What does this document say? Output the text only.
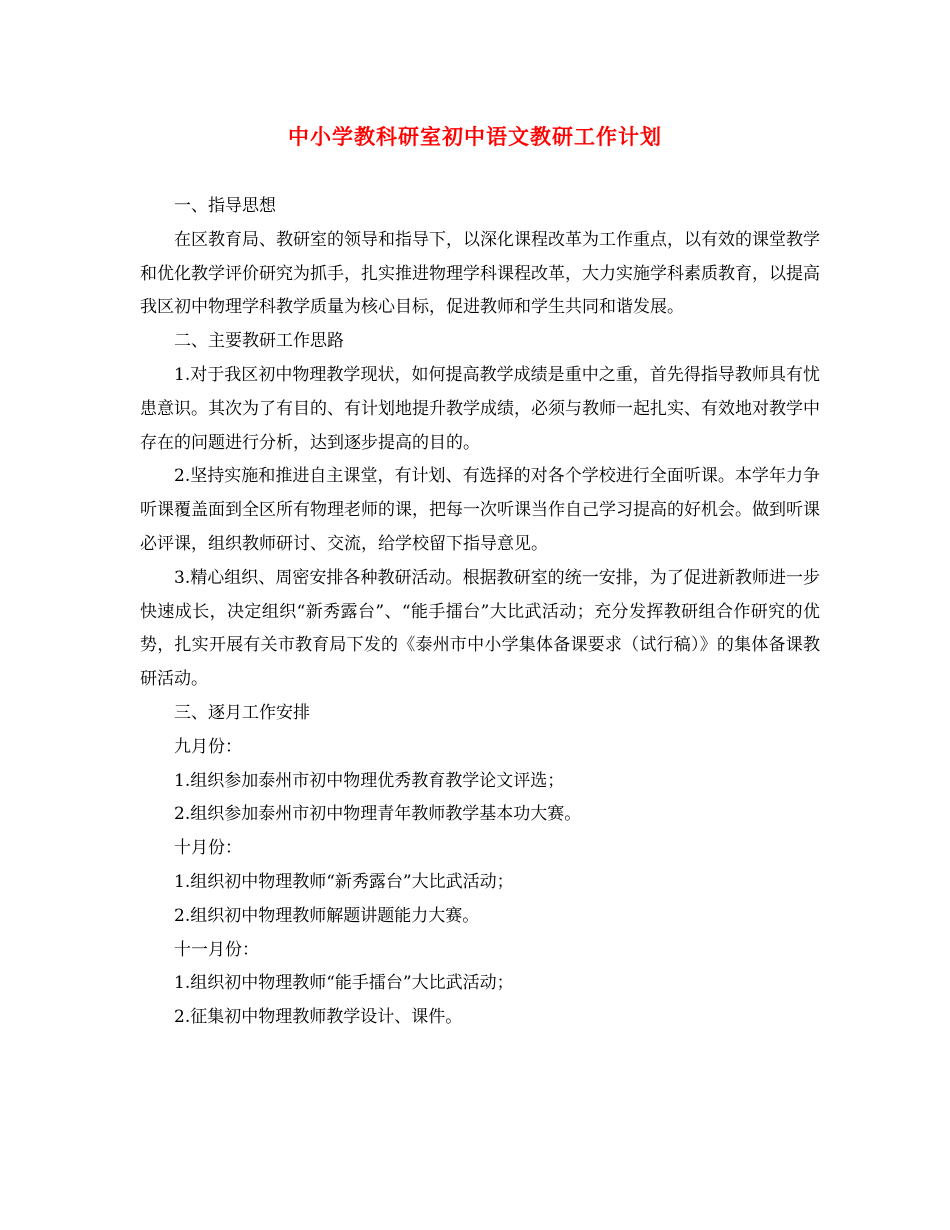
中小学教科研室初中语文教研工作计划

一、指导思想

在区教育局、教研室的领导和指导下，以深化课程改革为工作重点，以有效的课堂教学和优化教学评价研究为抓手，扎实推进物理学科课程改革，大力实施学科素质教育，以提高我区初中物理学科教学质量为核心目标，促进教师和学生共同和谐发展。

二、主要教研工作思路

1.对于我区初中物理教学现状，如何提高教学成绩是重中之重，首先得指导教师具有忧患意识。其次为了有目的、有计划地提升教学成绩，必须与教师一起扎实、有效地对教学中存在的问题进行分析，达到逐步提高的目的。

2.坚持实施和推进自主课堂，有计划、有选择的对各个学校进行全面听课。本学年力争听课覆盖面到全区所有物理老师的课，把每一次听课当作自己学习提高的好机会。做到听课必评课，组织教师研讨、交流，给学校留下指导意见。

3.精心组织、周密安排各种教研活动。根据教研室的统一安排，为了促进新教师进一步快速成长，决定组织“新秀露台”、“能手擂台”大比武活动；充分发挥教研组合作研究的优势，扎实开展有关市教育局下发的《泰州市中小学集体备课要求（试行稿）》的集体备课教研活动。

三、逐月工作安排

九月份：

1.组织参加泰州市初中物理优秀教育教学论文评选；

2.组织参加泰州市初中物理青年教师教学基本功大赛。

十月份：

1.组织初中物理教师“新秀露台”大比武活动；

2.组织初中物理教师解题讲题能力大赛。

十一月份：

1.组织初中物理教师“能手擂台”大比武活动；

2.征集初中物理教师教学设计、课件。
